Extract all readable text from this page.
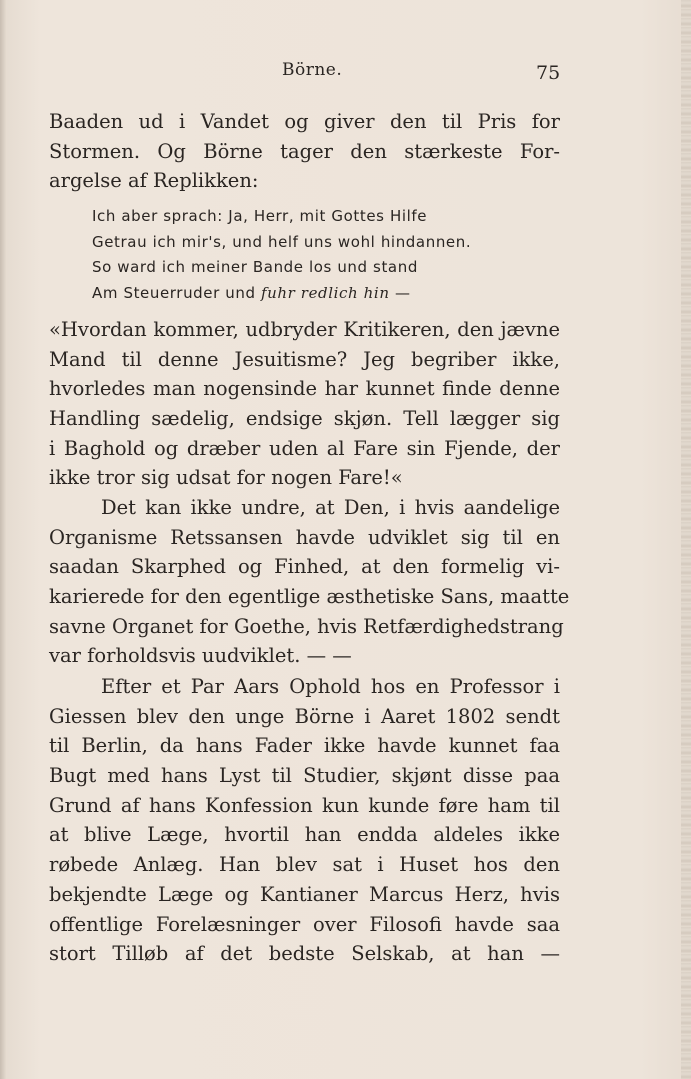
Börne.	75
Baaden ud i Vandet og giver den til Pris for
Stormen. Og Börne tager den stærkeste For-
argelse af Replikken:
Ich aber sprach: Ja, Herr, mit Gottes Hilfe
Getrau ich mir's, und helf uns wohl hindannen.
So ward ich meiner Bande los und stand
Am Steuerruder und fuhr redlich hin —
«Hvordan kommer, udbryder Kritikeren, den jævne
Mand til denne Jesuitisme? Jeg begriber ikke,
hvorledes man nogensinde har kunnet finde denne
Handling sædelig, endsige skjøn. Tell lægger sig
i Baghold og dræber uden al Fare sin Fjende, der
ikke tror sig udsat for nogen Fare!«
Det kan ikke undre, at Den, i hvis aandelige
Organisme Retssansen havde udviklet sig til en
saadan Skarphed og Finhed, at den formelig vi-
karierede for den egentlige æsthetiske Sans, maatte
savne Organet for Goethe, hvis Retfærdighedstrang
var forholdsvis uudviklet. — —
Efter et Par Aars Ophold hos en Professor i
Giessen blev den unge Börne i Aaret 1802 sendt
til Berlin, da hans Fader ikke havde kunnet faa
Bugt med hans Lyst til Studier, skjønt disse paa
Grund af hans Konfession kun kunde føre ham til
at blive Læge, hvortil han endda aldeles ikke
røbede Anlæg. Han blev sat i Huset hos den
bekjendte Læge og Kantianer Marcus Herz, hvis
offentlige Forelæsninger over Filosofi havde saa
stort Tilløb af det bedste Selskab, at han —
